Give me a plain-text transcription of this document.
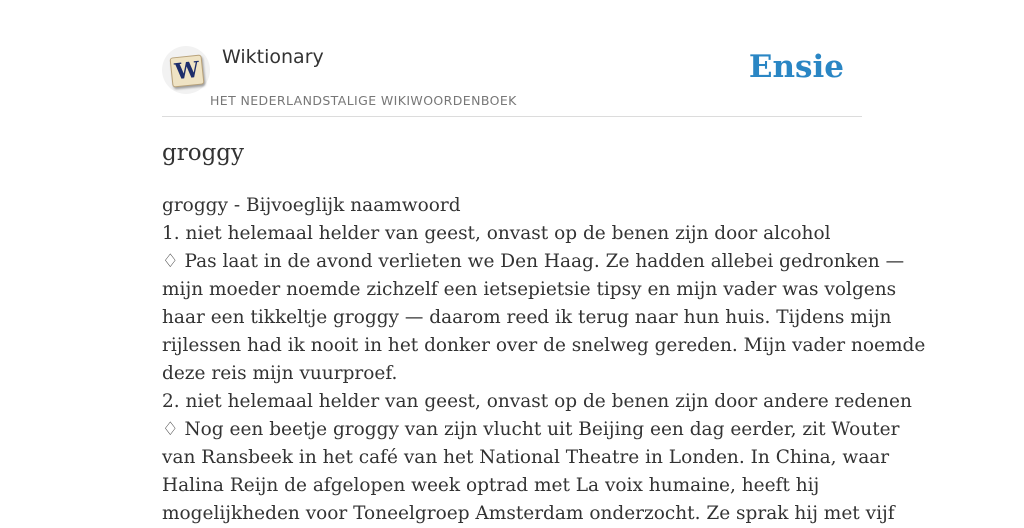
W Wiktionary
HET NEDERLANDSTALIGE WIKIWOORDENBOEK
Ensie
groggy
groggy - Bijvoeglijk naamwoord
1. niet helemaal helder van geest, onvast op de benen zijn door alcohol

♢ Pas laat in de avond verlieten we Den Haag. Ze hadden allebei gedronken —
mijn moeder noemde zichzelf een ietsepietsie tipsy en mijn vader was volgens
haar een tikkeltje groggy — daarom reed ik terug naar hun huis. Tijdens mijn
rijlessen had ik nooit in het donker over de snelweg gereden. Mijn vader noemde
deze reis mijn vuurproef.

2. niet helemaal helder van geest, onvast op de benen zijn door andere redenen

♢ Nog een beetje groggy van zijn vlucht uit Beijing een dag eerder, zit Wouter
van Ransbeek in het café van het National Theatre in Londen. In China, waar
Halina Reijn de afgelopen week optrad met La voix humaine, heeft hij
mogelijkheden voor Toneelgroep Amsterdam onderzocht. Ze sprak hij met vijf
